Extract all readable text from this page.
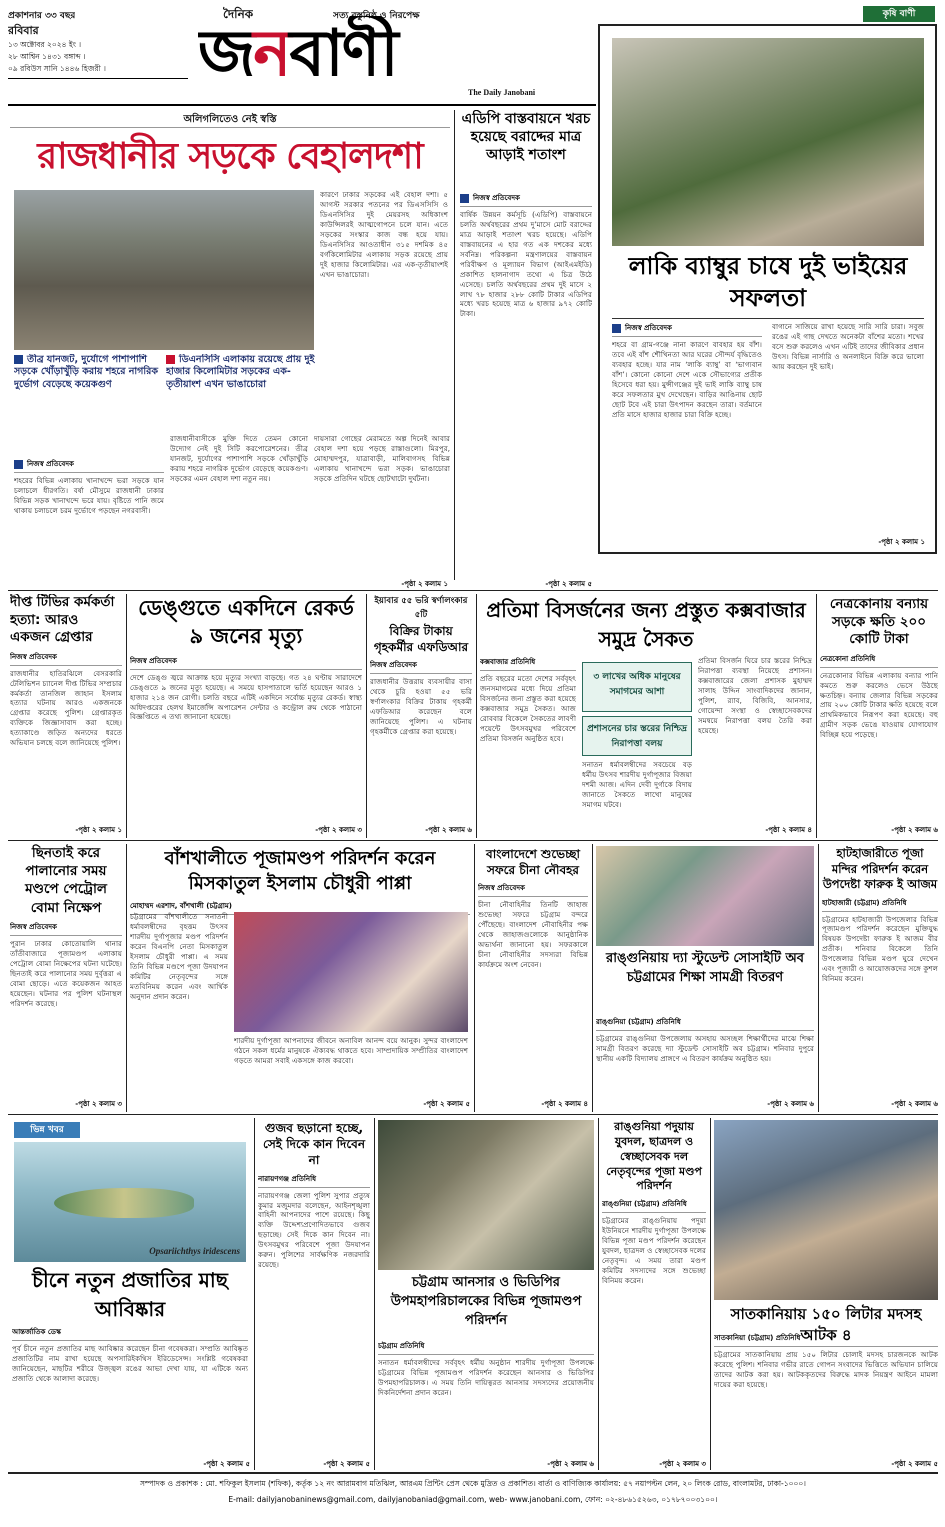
প্রকাশনার ৩৩ বছর
রবিবার
১৩ অক্টোবর ২০২৪ ইং ।
২৮ আশ্বিন ১৪৩১ বঙ্গাব্দ ।
০৯ রবিউস সানি ১৪৪৬ হিজরী ।
দৈনিক	সত্য বস্তুনিষ্ঠ ও নিরপেক্ষ
জনবাণী
The Daily Janobani
কৃষি বাণী
লাকি ব্যাম্বুর চাষে দুই ভাইয়ের সফলতা
নিজস্ব প্রতিবেদক
শহরে বা গ্রাম-গঞ্জে নানা কারণে বাবহার হয় বাঁশ। তবে এই বাঁশ শৌখিনতা আর ঘরের সৌন্দর্য বৃদ্ধিতেও ব্যবহার হচ্ছে। যার নাম ‘লাকি ব্যাম্বু’ বা ‘ভাগ্যবান বাঁশ’। কোনো কোনো দেশে একে সৌভাগ্যের প্রতীক হিসেবে ধরা হয়। মুন্সীগঞ্জের দুই ভাই লাকি ব্যাম্বু চাষ করে সফলতার মুখ দেখেছেন। বাড়ির আঙিনায় ছোট ছোট টবে এই চারা উৎপাদন করছেন তারা। বর্তমানে প্রতি মাসে হাজার হাজার চারা বিক্রি হচ্ছে।
বাগানে সাজিয়ে রাখা হয়েছে সারি সারি চারা। সবুজ রঙের এই গাছ দেখতে অনেকটা বাঁশের মতো। শখের বসে শুরু করলেও এখন এটিই তাদের জীবিকার প্রধান উৎস। বিভিন্ন নার্সারি ও অনলাইনে বিক্রি করে ভালো আয় করছেন দুই ভাই।
-পৃষ্ঠা ২ কলাম ১
অলিগলিতেও নেই স্বস্তি
রাজধানীর সড়কে বেহালদশা
তীব্র যানজট, দুর্যোগে পাশাপাশি সড়কে খোঁড়াখুঁড়ি করায় শহরে নাগরিক দুর্ভোগ বেড়েছে কয়েকগুণ
ডিএনসিসি এলাকায় রয়েছে প্রায় দুই হাজার কিলোমিটার সড়কের এক-তৃতীয়াংশ এখন ভাঙাচোরা
কারণে ঢাকার সড়কের এই বেহাল দশা। ৫ আগস্ট সরকার পতনের পর ডিএসসিসি ও ডিএনসিসির দুই মেয়রসহ অধিকাংশ কাউন্সিলরই আত্মগোপনে চলে যান। এতে সড়কের সংস্কার কাজ বন্ধ হয়ে যায়। ডিএনসিসির আওতাধীন ৩১৫ দশমিক ৪৫ বর্গকিলোমিটার এলাকায় সড়ক রয়েছে প্রায় দুই হাজার কিলোমিটার। এর এক-তৃতীয়াংশই এখন ভাঙাচোরা।
নিজস্ব প্রতিবেদক
শহরের বিভিন্ন এলাকায় খানাখন্দে ভরা সড়কে যান চলাচলে ধীরগতি। বর্ষা মৌসুমে রাজধানী ঢাকার বিভিন্ন সড়ক খানাখন্দে ভরে যায়। বৃষ্টিতে পানি জমে থাকায় চলাচলে চরম দুর্ভোগে পড়ছেন নগরবাসী।
রাজধানীবাসীকে মুক্তি দিতে তেমন কোনো উদ্যোগ নেই দুই সিটি করপোরেশনের। তীব্র যানজট, দুর্যোগের পাশাপাশি সড়কে খোঁড়াখুঁড়ি করায় শহরে নাগরিক দুর্ভোগ বেড়েছে কয়েকগুণ। সড়কের এমন বেহাল দশা নতুন নয়।
দায়সারা গোছের মেরামতে অল্প দিনেই আবার বেহাল দশা হয়ে পড়ছে রাস্তাগুলো। মিরপুর, মোহাম্মদপুর, যাত্রাবাড়ী, মালিবাগসহ বিভিন্ন এলাকায় খানাখন্দে ভরা সড়ক। ভাঙাচোরা সড়কে প্রতিদিন ঘটছে ছোটখাটো দুর্ঘটনা।
-পৃষ্ঠা ২ কলাম ১
এডিপি বাস্তবায়নে খরচ হয়েছে বরাদ্দের মাত্র আড়াই শতাংশ
নিজস্ব প্রতিবেদক
বার্ষিক উন্নয়ন কর্মসূচি (এডিপি) বাস্তবায়নে চলতি অর্থবছরের প্রথম দু’মাসে মোট বরাদ্দের মাত্র আড়াই শতাংশ খরচ হয়েছে। এডিপি বাস্তবায়নের এ হার গত এক দশকের মধ্যে সর্বনিম্ন। পরিকল্পনা মন্ত্রণালয়ের বাস্তবায়ন পরিবীক্ষণ ও মূল্যায়ন বিভাগ (আইএমইডি) প্রকাশিত হালনাগাদ তথ্যে এ চিত্র উঠে এসেছে। চলতি অর্থবছরের প্রথম দুই মাসে ২ লাখ ৭৮ হাজার ২৮৮ কোটি টাকার এডিপির মধ্যে খরচ হয়েছে মাত্র ৬ হাজার ৯৭২ কোটি টাকা।
-পৃষ্ঠা ২ কলাম ৫
দীপ্ত টিভির কর্মকর্তা হত্যা: আরও একজন গ্রেপ্তার
নিজস্ব প্রতিবেদক
রাজধানীর হাতিরঝিলে বেসরকারি টেলিভিশন চ্যানেল দীপ্ত টিভির সম্প্রচার কর্মকর্তা তানজিল জাহান ইসলাম হত্যার ঘটনায় আরও একজনকে গ্রেপ্তার করেছে পুলিশ। গ্রেপ্তারকৃত ব্যক্তিকে জিজ্ঞাসাবাদ করা হচ্ছে। হত্যাকাণ্ডে জড়িত অন্যদের ধরতে অভিযান চলছে বলে জানিয়েছে পুলিশ।
-পৃষ্ঠা ২ কলাম ১
ডেঙ্গুতে একদিনে রেকর্ড ৯ জনের মৃত্যু
নিজস্ব প্রতিবেদক
দেশে ডেঙ্গু জ্বরে আক্রান্ত হয়ে মৃত্যুর সংখ্যা বাড়ছে। গত ২৪ ঘণ্টায় সারাদেশে ডেঙ্গুতে ৯ জনের মৃত্যু হয়েছে। এ সময়ে হাসপাতালে ভর্তি হয়েছেন আরও ১ হাজার ২১৪ জন রোগী। চলতি বছরে এটিই একদিনে সর্বোচ্চ মৃত্যুর রেকর্ড। স্বাস্থ্য অধিদপ্তরের হেলথ ইমার্জেন্সি অপারেশন সেন্টার ও কন্ট্রোল রুম থেকে পাঠানো বিজ্ঞপ্তিতে এ তথ্য জানানো হয়েছে।
-পৃষ্ঠা ২ কলাম ৩
ইয়াবার ৫৫ ভরি স্বর্ণালংকার ৫টি
বিক্রির টাকায় গৃহকর্মীর এফডিআর
নিজস্ব প্রতিবেদক
রাজধানীর উত্তরায় ব্যবসায়ীর বাসা থেকে চুরি হওয়া ৫৫ ভরি স্বর্ণালংকার বিক্রির টাকায় গৃহকর্মী এফডিআর করেছেন বলে জানিয়েছে পুলিশ। এ ঘটনায় গৃহকর্মীকে গ্রেপ্তার করা হয়েছে।
-পৃষ্ঠা ২ কলাম ৬
প্রতিমা বিসর্জনের জন্য প্রস্তুত কক্সবাজার সমুদ্র সৈকত
কক্সবাজার প্রতিনিধি
প্রতি বছরের মতো দেশের সর্ববৃহৎ জনসমাগমের মধ্যে দিয়ে প্রতিমা বিসর্জনের জন্য প্রস্তুত করা হয়েছে কক্সবাজার সমুদ্র সৈকত। আজ রোববার বিকেলে সৈকতের লাবণী পয়েন্টে উৎসবমুখর পরিবেশে প্রতিমা বিসর্জন অনুষ্ঠিত হবে।
৩ লাখের অধিক মানুষের সমাগমের আশা
প্রশাসনের চার স্তরের নিশ্চিদ্র নিরাপত্তা বলয়
সনাতন ধর্মাবলম্বীদের সবচেয়ে বড় ধর্মীয় উৎসব শারদীয় দুর্গাপূজার বিজয়া দশমী আজ। এদিন দেবী দুর্গাকে বিদায় জানাতে সৈকতে লাখো মানুষের সমাগম ঘটবে।
প্রতিমা বিসর্জন ঘিরে চার স্তরের নিশ্চিদ্র নিরাপত্তা ব্যবস্থা নিয়েছে প্রশাসন। কক্সবাজারের জেলা প্রশাসক মুহাম্মদ সালাহ উদ্দিন সাংবাদিকদের জানান, পুলিশ, র‍্যাব, বিজিবি, আনসার, গোয়েন্দা সংস্থা ও স্বেচ্ছাসেবকদের সমন্বয়ে নিরাপত্তা বলয় তৈরি করা হয়েছে।
-পৃষ্ঠা ২ কলাম ৪
নেত্রকোনায় বন্যায় সড়কে ক্ষতি ২০০ কোটি টাকা
নেত্রকোনা প্রতিনিধি
নেত্রকোনার বিভিন্ন এলাকায় বন্যার পানি কমতে শুরু করলেও ভেসে উঠছে ক্ষতচিহ্ন। বন্যায় জেলার বিভিন্ন সড়কের প্রায় ২০০ কোটি টাকার ক্ষতি হয়েছে বলে প্রাথমিকভাবে নিরূপণ করা হয়েছে। বহু গ্রামীণ সড়ক ভেঙে যাওয়ায় যোগাযোগ বিচ্ছিন্ন হয়ে পড়েছে।
-পৃষ্ঠা ২ কলাম ৬
ছিনতাই করে পালানোর সময় মণ্ডপে পেট্রোল বোমা নিক্ষেপ
নিজস্ব প্রতিবেদক
পুরান ঢাকার কোতোয়ালি থানার তাঁতীবাজারে পূজামণ্ডপ এলাকায় পেট্রোল বোমা নিক্ষেপের ঘটনা ঘটেছে। ছিনতাই করে পালানোর সময় দুর্বৃত্তরা এ বোমা ছোড়ে। এতে কয়েকজন আহত হয়েছেন। ঘটনার পর পুলিশ ঘটনাস্থল পরিদর্শন করেছে।
-পৃষ্ঠা ২ কলাম ৩
বাঁশখালীতে পূজামণ্ডপ পরিদর্শন করেন মিসকাতুল ইসলাম চৌধুরী পাপ্পা
মোহাম্মদ এরশাদ, বাঁশখালী (চট্টগ্রাম)
চট্টগ্রামের বাঁশখালীতে সনাতনী ধর্মাবলম্বীদের বৃহত্তম উৎসব শারদীয় দুর্গাপূজার মণ্ডপ পরিদর্শন করেন বিএনপি নেতা মিসকাতুল ইসলাম চৌধুরী পাপ্পা। এ সময় তিনি বিভিন্ন মণ্ডপে পূজা উদযাপন কমিটির নেতৃবৃন্দের সঙ্গে মতবিনিময় করেন এবং আর্থিক অনুদান প্রদান করেন।
শারদীয় দুর্গাপূজা আপনাদের জীবনে অনাবিল আনন্দ বয়ে আনুক। সুন্দর বাংলাদেশ গঠনে সকল ধর্মের মানুষকে ঐক্যবদ্ধ থাকতে হবে। সাম্প্রদায়িক সম্প্রীতির বাংলাদেশ গড়তে আমরা সবাই একসঙ্গে কাজ করবো।
-পৃষ্ঠা ২ কলাম ৫
বাংলাদেশে শুভেচ্ছা সফরে চীনা নৌবহর
নিজস্ব প্রতিবেদক
চীনা নৌবাহিনীর তিনটি জাহাজ শুভেচ্ছা সফরে চট্টগ্রাম বন্দরে পৌঁছেছে। বাংলাদেশ নৌবাহিনীর পক্ষ থেকে জাহাজগুলোকে আনুষ্ঠানিক অভ্যর্থনা জানানো হয়। সফরকালে চীনা নৌবাহিনীর সদস্যরা বিভিন্ন কার্যক্রমে অংশ নেবেন।
-পৃষ্ঠা ২ কলাম ৪
রাঙ্গুনিয়ায় দ্যা স্টুডেন্ট সোসাইটি অব চট্টগ্রামের শিক্ষা সামগ্রী বিতরণ
রাঙ্গুনিয়া (চট্টগ্রাম) প্রতিনিধি
চট্টগ্রামের রাঙ্গুনিয়া উপজেলায় অসহায় অসচ্ছল শিক্ষার্থীদের মাঝে শিক্ষা সামগ্রী বিতরণ করেছে দ্যা স্টুডেন্ট সোসাইটি অব চট্টগ্রাম। শনিবার দুপুরে স্থানীয় একটি বিদ্যালয় প্রাঙ্গণে এ বিতরণ কার্যক্রম অনুষ্ঠিত হয়।
-পৃষ্ঠা ২ কলাম ৬
হাটহাজারীতে পূজা মন্দির পরিদর্শন করেন উপদেষ্টা ফারুক ই আজম
হাটহাজারী (চট্টগ্রাম) প্রতিনিধি
চট্টগ্রামের হাটহাজারী উপজেলার বিভিন্ন পূজামণ্ডপ পরিদর্শন করেছেন মুক্তিযুদ্ধ বিষয়ক উপদেষ্টা ফারুক ই আজম বীর প্রতীক। শনিবার বিকেলে তিনি উপজেলার বিভিন্ন মণ্ডপ ঘুরে দেখেন এবং পূজারী ও আয়োজকদের সঙ্গে কুশল বিনিময় করেন।
-পৃষ্ঠা ২ কলাম ৬
ভিন্ন খবর
Opsariichthys iridescens
চীনে নতুন প্রজাতির মাছ আবিষ্কার
আন্তর্জাতিক ডেস্ক
পূর্ব চীনে নতুন প্রজাতির মাছ আবিষ্কার করেছেন চীনা গবেষকরা। সম্প্রতি আবিষ্কৃত প্রজাতিটির নাম রাখা হয়েছে অপসারিইকথিস ইরিডেসেন্স। সংশ্লিষ্ট গবেষকরা জানিয়েছেন, মাছটির শরীরে উজ্জ্বল রঙের আভা দেখা যায়, যা এটিকে অন্য প্রজাতি থেকে আলাদা করেছে।
-পৃষ্ঠা ২ কলাম ৫
গুজব ছড়ানো হচ্ছে, সেই দিকে কান দিবেন না
নারায়ণগঞ্জ প্রতিনিধি
নারায়ণগঞ্জ জেলা পুলিশ সুপার প্রত্যুষ কুমার মজুমদার বলেছেন, আইনশৃঙ্খলা বাহিনী আপনাদের পাশে রয়েছে। কিছু ব্যক্তি উদ্দেশ্যপ্রণোদিতভাবে গুজব ছড়াচ্ছে। সেই দিকে কান দিবেন না। উৎসবমুখর পরিবেশে পূজা উদযাপন করুন। পুলিশের সার্বক্ষণিক নজরদারি রয়েছে।
-পৃষ্ঠা ২ কলাম ৫
চট্টগ্রাম আনসার ও ভিডিপির উপমহাপরিচালকের বিভিন্ন পূজামণ্ডপ পরিদর্শন
চট্টগ্রাম প্রতিনিধি
সনাতন ধর্মাবলম্বীদের সর্ববৃহৎ ধর্মীয় অনুষ্ঠান শারদীয় দুর্গাপূজা উপলক্ষে চট্টগ্রামের বিভিন্ন পূজামণ্ডপ পরিদর্শন করেছেন আনসার ও ভিডিপির উপমহাপরিচালক। এ সময় তিনি দায়িত্বরত আনসার সদস্যদের প্রয়োজনীয় দিকনির্দেশনা প্রদান করেন।
-পৃষ্ঠা ২ কলাম ৬
রাঙ্গুনিয়া পদুয়ায় যুবদল, ছাত্রদল ও স্বেচ্ছাসেবক দল নেতৃবৃন্দের পূজা মণ্ডপ পরিদর্শন
রাঙ্গুনিয়া (চট্টগ্রাম) প্রতিনিধি
চট্টগ্রামের রাঙ্গুনিয়ায় পদুয়া ইউনিয়নে শারদীয় দুর্গাপূজা উপলক্ষে বিভিন্ন পূজা মণ্ডপ পরিদর্শন করেছেন যুবদল, ছাত্রদল ও স্বেচ্ছাসেবক দলের নেতৃবৃন্দ। এ সময় তারা মণ্ডপ কমিটির সদস্যদের সঙ্গে শুভেচ্ছা বিনিময় করেন।
-পৃষ্ঠা ২ কলাম ৩
সাতকানিয়ায় ১৫০ লিটার মদসহ আটক ৪
সাতকানিয়া (চট্টগ্রাম) প্রতিনিধি
চট্টগ্রামের সাতকানিয়ায় প্রায় ১৫০ লিটার চোলাই মদসহ চারজনকে আটক করেছে পুলিশ। শনিবার গভীর রাতে গোপন সংবাদের ভিত্তিতে অভিযান চালিয়ে তাদের আটক করা হয়। আটককৃতদের বিরুদ্ধে মাদক নিয়ন্ত্রণ আইনে মামলা দায়ের করা হয়েছে।
-পৃষ্ঠা ২ কলাম ৫
সম্পাদক ও প্রকাশক : মো. শফিকুল ইসলাম (শফিক), কর্তৃক ১২ নং আরামবাগ মতিঝিল, আরএম প্রিন্টিং প্রেস থেকে মুদ্রিত ও প্রকাশিত। বার্তা ও বাণিজ্যিক কার্যালয়: ৫৭ নয়াপল্টন লেন, ২০ লিংক রোড, বাংলামটর, ঢাকা-১০০০।
E-mail: dailyjanobaninews@gmail.com, dailyjanobaniad@gmail.com, web- www.janobani.com, ফোন: ০২-৪৮৬১৫২৬৩, ০১৭৮৭০০৩১০০।
